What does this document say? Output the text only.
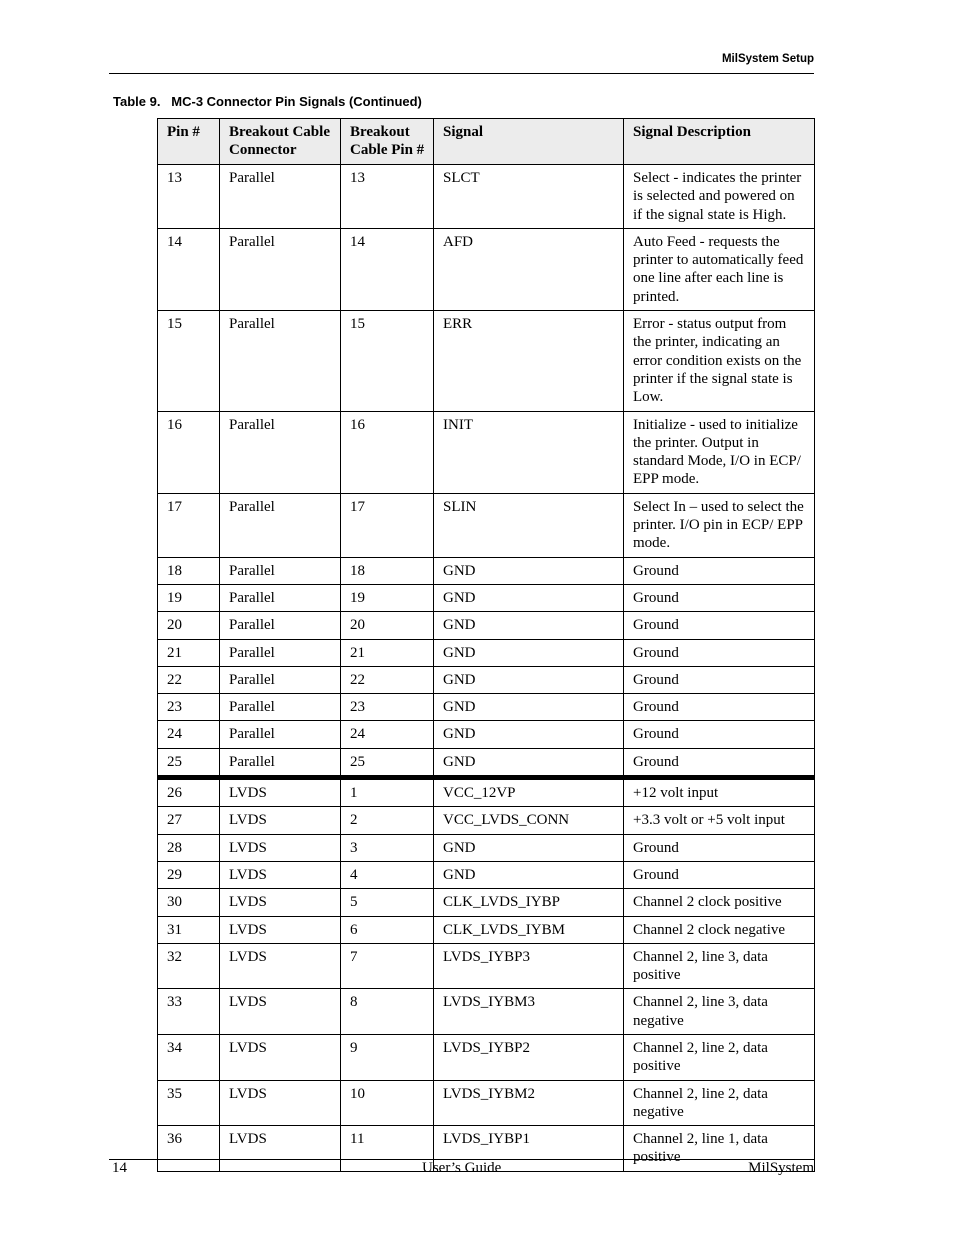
MilSystem Setup
Table 9.   MC-3 Connector Pin Signals (Continued)
Pin #	Breakout Cable Connector	Breakout Cable Pin #	Signal	Signal Description
13	Parallel	13	SLCT	Select - indicates the printer is selected and powered on if the signal state is High.
14	Parallel	14	AFD	Auto Feed - requests the printer to automatically feed one line after each line is printed.
15	Parallel	15	ERR	Error - status output from the printer, indicating an error condition exists on the printer if the signal state is Low.
16	Parallel	16	INIT	Initialize - used to initialize the printer. Output in standard Mode, I/O in ECP/ EPP mode.
17	Parallel	17	SLIN	Select In – used to select the printer. I/O pin in ECP/ EPP mode.
18	Parallel	18	GND	Ground
19	Parallel	19	GND	Ground
20	Parallel	20	GND	Ground
21	Parallel	21	GND	Ground
22	Parallel	22	GND	Ground
23	Parallel	23	GND	Ground
24	Parallel	24	GND	Ground
25	Parallel	25	GND	Ground
26	LVDS	1	VCC_12VP	+12 volt input
27	LVDS	2	VCC_LVDS_CONN	+3.3 volt or +5 volt input
28	LVDS	3	GND	Ground
29	LVDS	4	GND	Ground
30	LVDS	5	CLK_LVDS_IYBP	Channel 2 clock positive
31	LVDS	6	CLK_LVDS_IYBM	Channel 2 clock negative
32	LVDS	7	LVDS_IYBP3	Channel 2, line 3, data positive
33	LVDS	8	LVDS_IYBM3	Channel 2, line 3, data negative
34	LVDS	9	LVDS_IYBP2	Channel 2, line 2, data positive
35	LVDS	10	LVDS_IYBM2	Channel 2, line 2, data negative
36	LVDS	11	LVDS_IYBP1	Channel 2, line 1, data positive
14	User’s Guide	MilSystem
